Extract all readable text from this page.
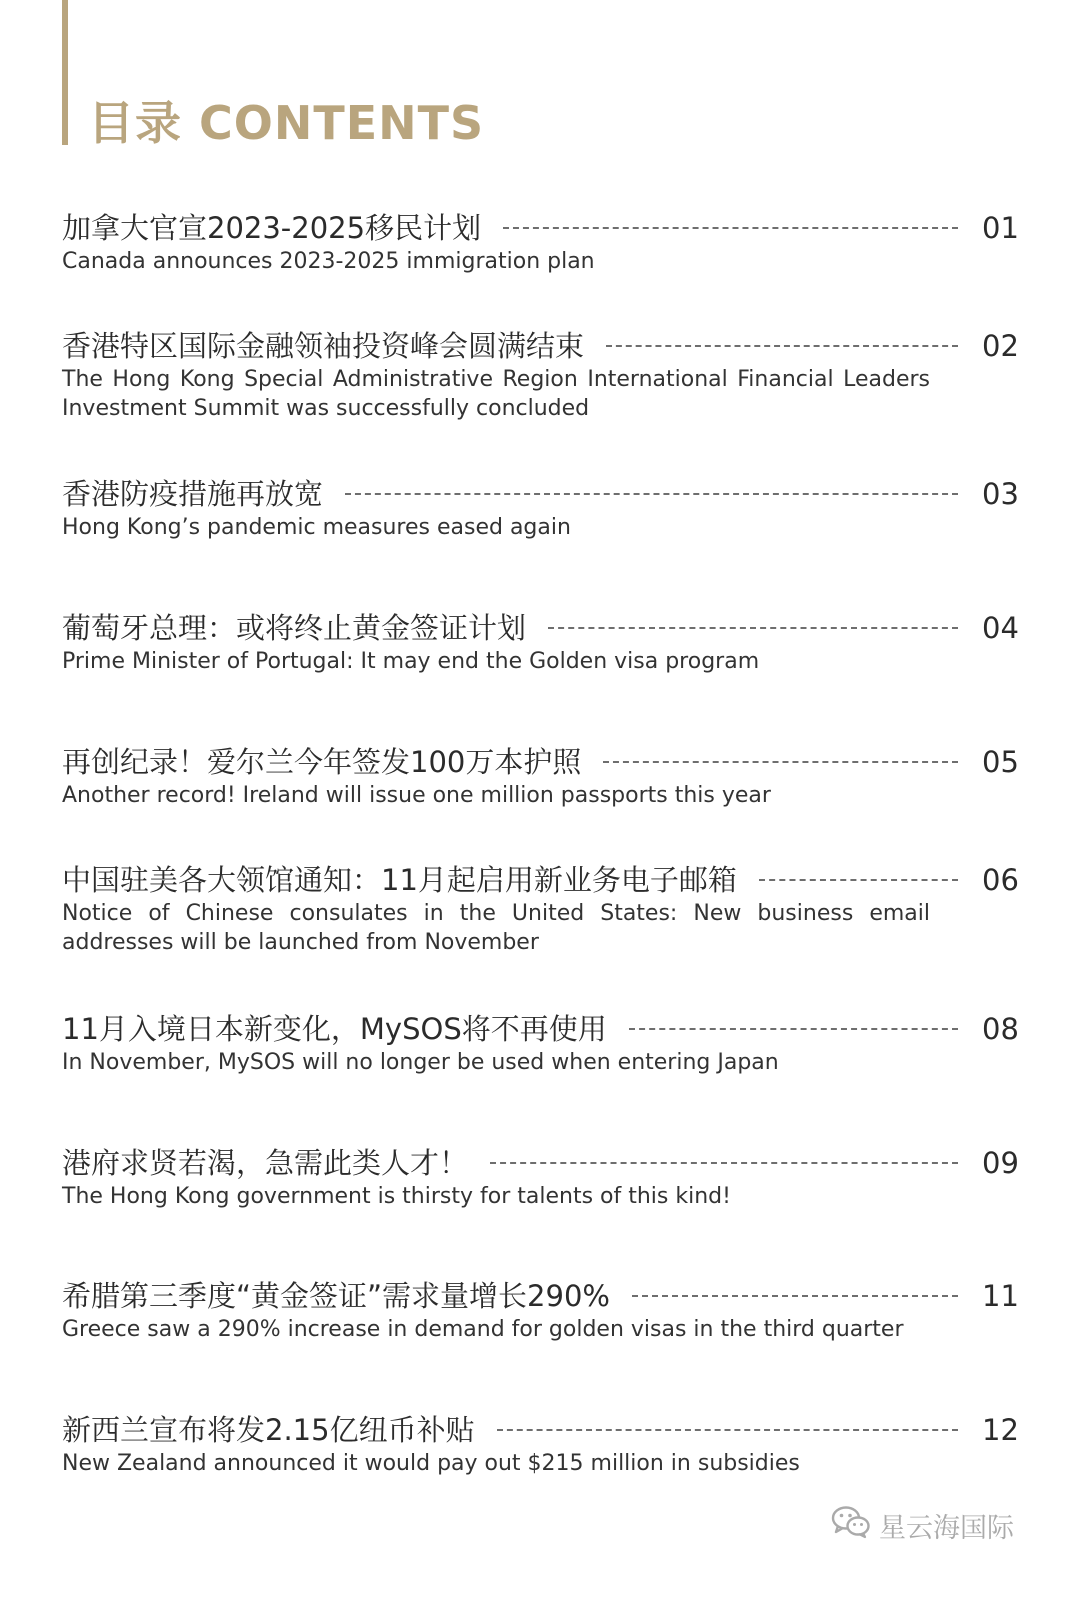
目录 CONTENTS
加拿大官宣2023-2025移民计划	01
Canada announces 2023-2025 immigration plan
香港特区国际金融领袖投资峰会圆满结束	02
The Hong Kong Special Administrative Region International Financial Leaders Investment Summit was successfully concluded
香港防疫措施再放宽	03
Hong Kong’s pandemic measures eased again
葡萄牙总理：或将终止黄金签证计划	04
Prime Minister of Portugal: It may end the Golden visa program
再创纪录！爱尔兰今年签发100万本护照	05
Another record! Ireland will issue one million passports this year
中国驻美各大领馆通知：11月起启用新业务电子邮箱	06
Notice of Chinese consulates in the United States: New business email addresses will be launched from November
11月入境日本新变化，MySOS将不再使用	08
In November, MySOS will no longer be used when entering Japan
港府求贤若渴，急需此类人才！	09
The Hong Kong government is thirsty for talents of this kind!
希腊第三季度“黄金签证”需求量增长290%	11
Greece saw a 290% increase in demand for golden visas in the third quarter
新西兰宣布将发2.15亿纽币补贴	12
New Zealand announced it would pay out $215 million in subsidies
星云海国际
